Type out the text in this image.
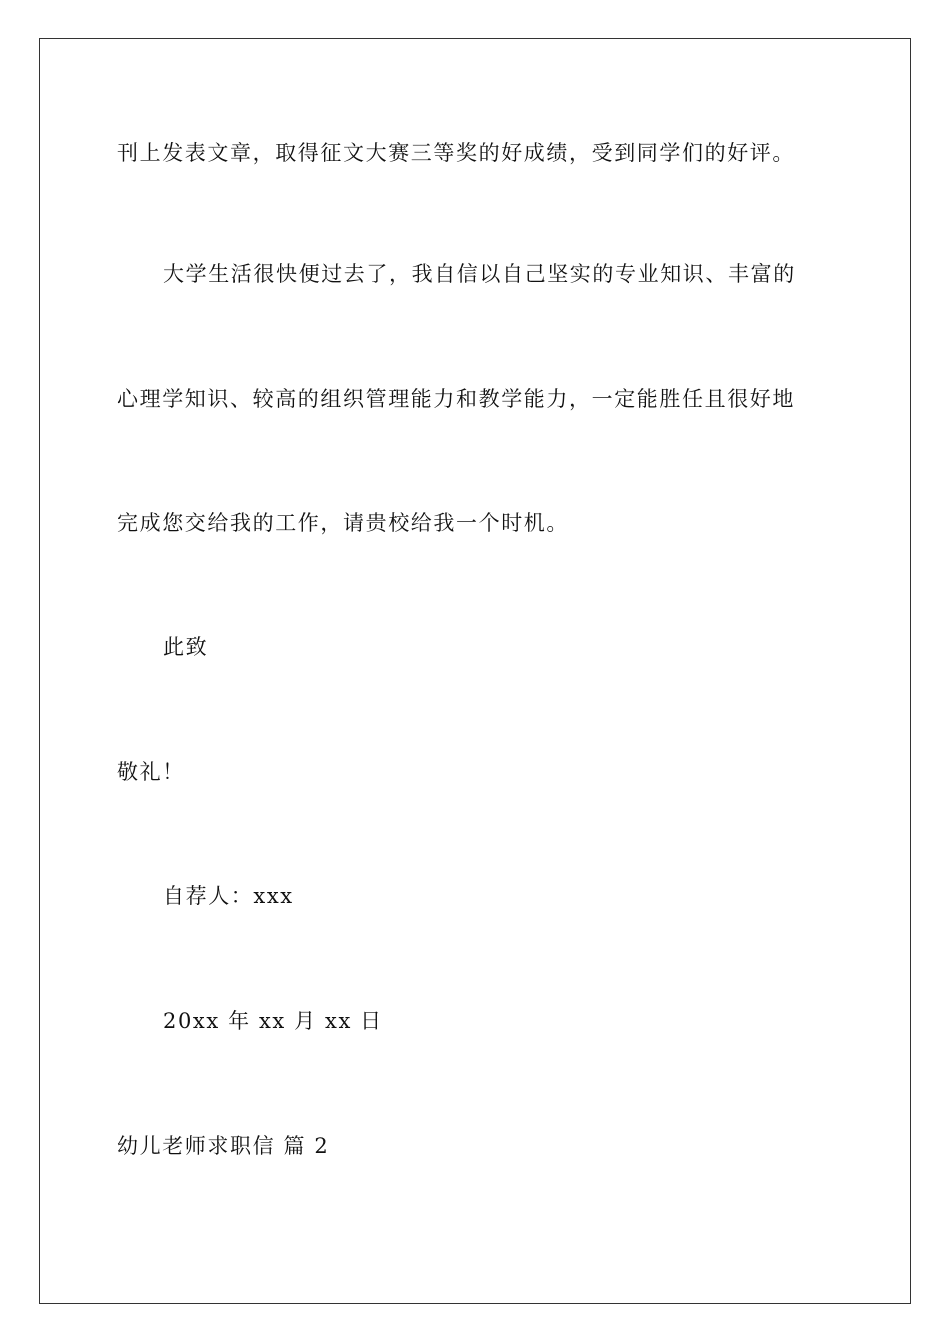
刊上发表文章，取得征文大赛三等奖的好成绩，受到同学们的好评。
大学生活很快便过去了，我自信以自己坚实的专业知识、丰富的
心理学知识、较高的组织管理能力和教学能力，一定能胜任且很好地
完成您交给我的工作，请贵校给我一个时机。
此致
敬礼！
自荐人：xxx
20xx 年 xx 月 xx 日
幼儿老师求职信 篇 2
